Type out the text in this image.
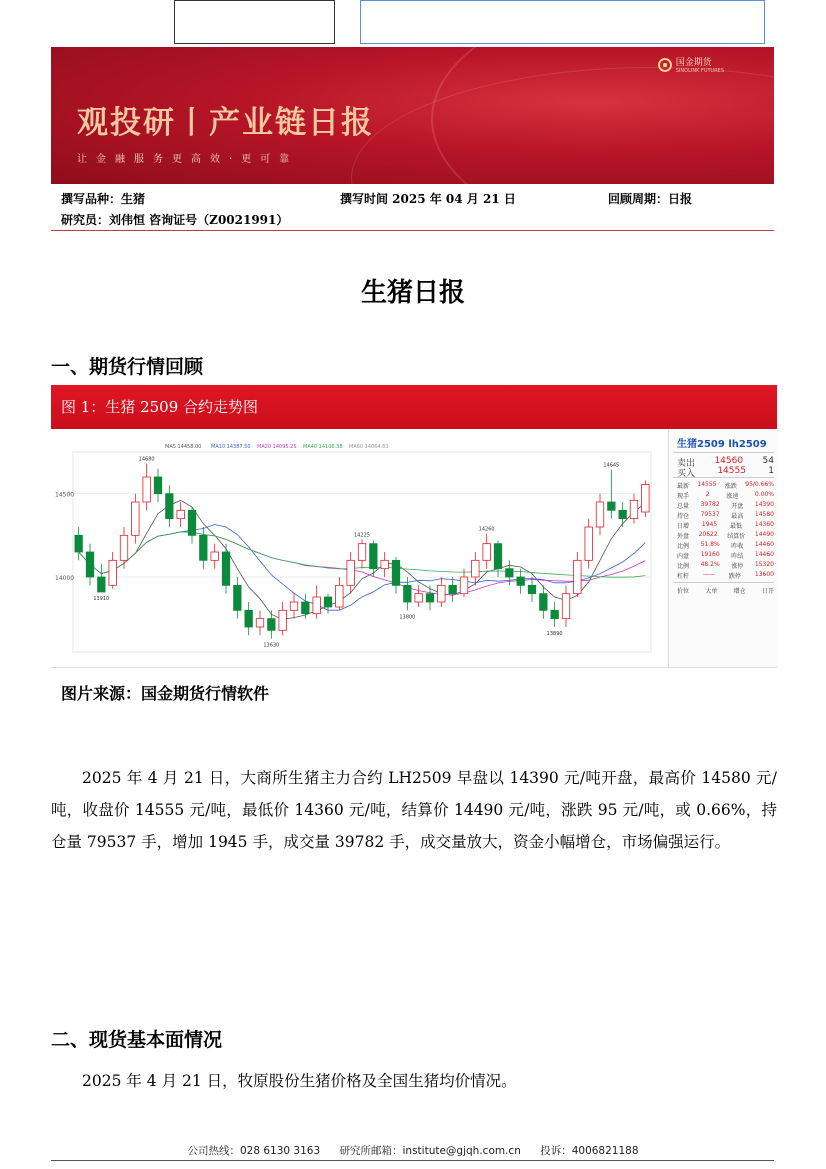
观投研丨产业链日报
让金融服务更高效·更可靠
国金期货
SINOLINK FUTURES
撰写品种：生猪	撰写时间 2025 年 04 月 21 日	回顾周期：日报
研究员：刘伟恒 咨询证号（Z0021991）
生猪日报
一、期货行情回顾
图 1：生猪 2509 合约走势图
14500
14000
MA5 14458.00 MA10 14387.50 MA20 14095.25 MA40 14106.38 MA60 14064.83
14645
14680
14225
14260
13910
13630
13800
13890
生猪2509 lh2509
卖出 14560 54
买入 14555 1
最新 14555 涨跌 95/0.66%
现手	2	涨速	0.00%
总量 39782 开盘 14390
持仓 79537 最高 14580
日增 1945 最低 14360
外盘 20622 结算价 14490
比例 51.8% 昨收 14460
内盘 19160 昨结 14460
比例 48.2% 涨停 15320
杠杆 —— 跌停 13600
价位	大单	增仓	日开
图片来源：国金期货行情软件
2025 年 4 月 21 日，大商所生猪主力合约 LH2509 早盘以 14390 元/吨开盘，最高价 14580 元/吨，收盘价 14555 元/吨，最低价 14360 元/吨，结算价 14490 元/吨，涨跌 95 元/吨，或 0.66%，持仓量 79537 手，增加 1945 手，成交量 39782 手，成交量放大，资金小幅增仓，市场偏强运行。
二、现货基本面情况
2025 年 4 月 21 日，牧原股份生猪价格及全国生猪均价情况。
公司热线：028 6130 3163 研究所邮箱：institute@gjqh.com.cn 投诉：4006821188
